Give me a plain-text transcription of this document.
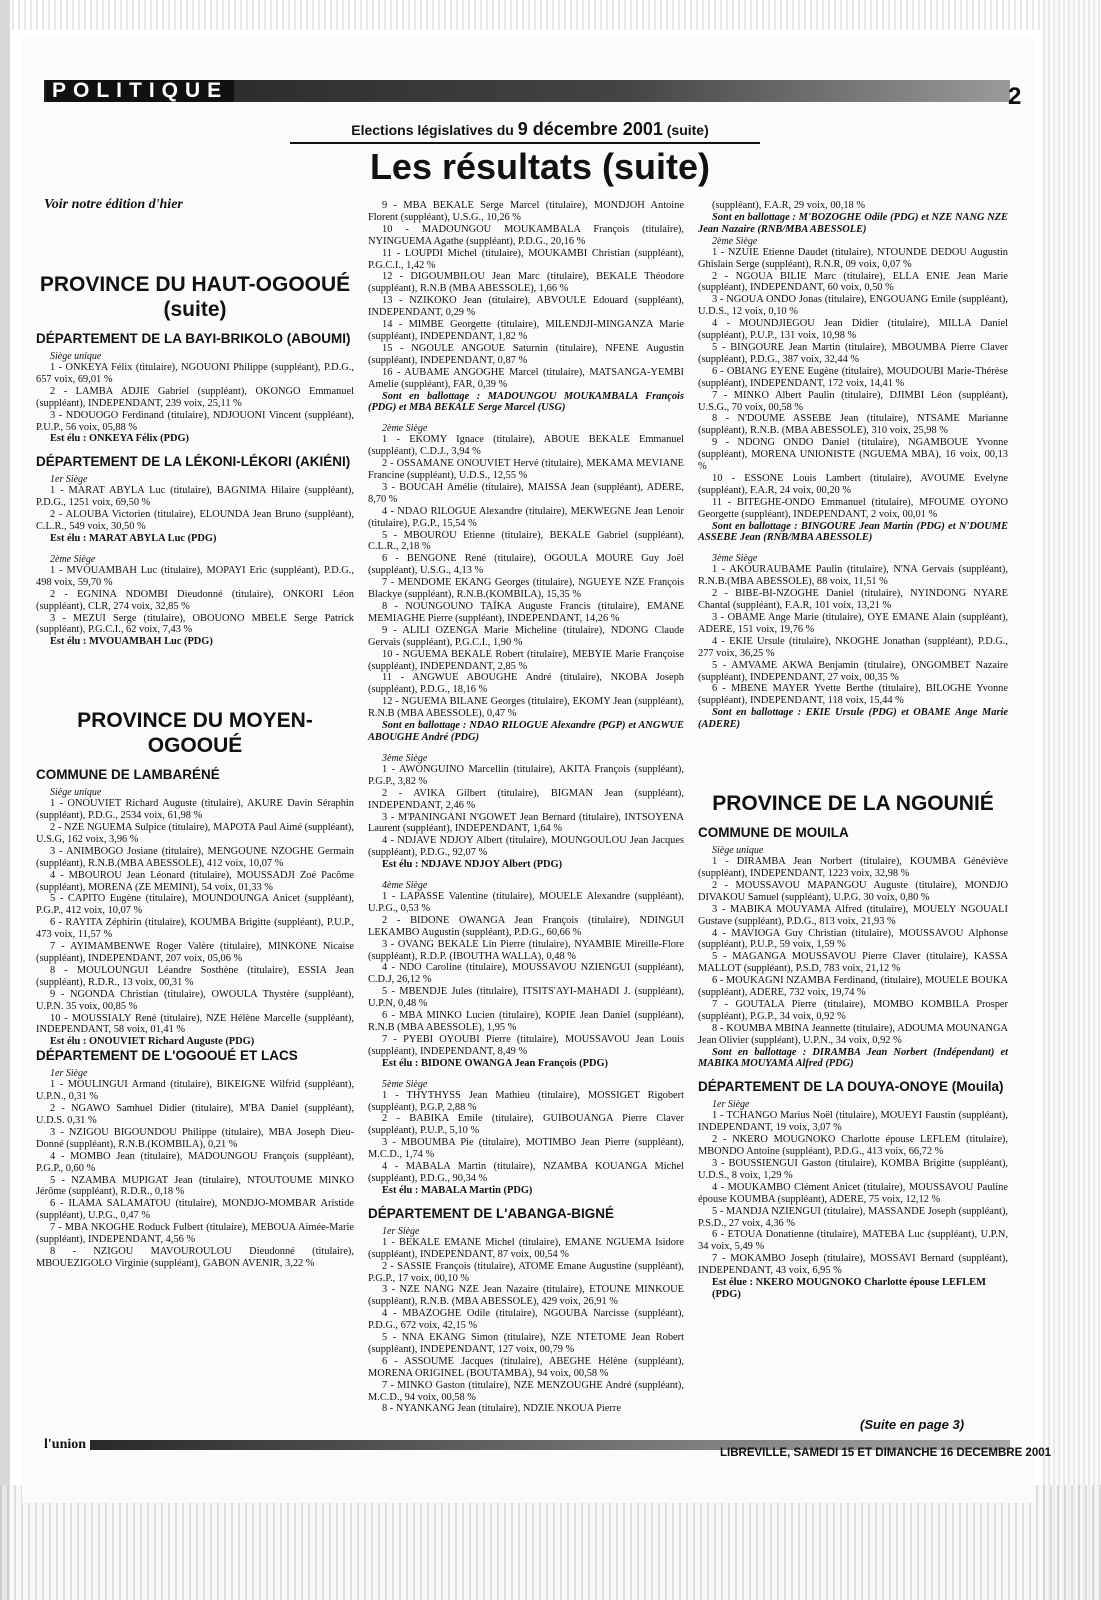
POLITIQUE	2
Elections législatives du 9 décembre 2001 (suite)
Les résultats (suite)
Voir notre édition d'hier
PROVINCE DU HAUT-OGOOUÉ (suite)
DÉPARTEMENT DE LA BAYI-BRIKOLO (ABOUMI)
Siège unique
1 - ONKEYA Félix (titulaire), NGOUONI Philippe (suppléant), P.D.G., 657 voix, 69,01 %
2 - LAMBA ADJIE Gabriel (suppléant), OKONGO Emmanuel (suppléant), INDEPENDANT, 239 voix, 25,11 %
3 - NDOUOGO Ferdinand (titulaire), NDJOUONI Vincent (suppléant), P.U.P., 56 voix, 05,88 %
Est élu : ONKEYA Félix (PDG)
DÉPARTEMENT DE LA LÉKONI-LÉKORI (AKIÉNI)
1er Siège
1 - MARAT ABYLA Luc (titulaire), BAGNIMA Hilaire (suppléant), P.D.G., 1251 voix, 69,50 %
2 - ALOUBA Victorien (titulaire), ELOUNDA Jean Bruno (suppléant), C.L.R., 549 voix, 30,50 %
Est élu : MARAT ABYLA Luc (PDG)
2ème Siège
1 - MVOUAMBAH Luc (titulaire), MOPAYI Eric (suppléant), P.D.G., 498 voix, 59,70 %
2 - EGNINA NDOMBI Dieudonné (titulaire), ONKORI Léon (suppléant), CLR, 274 voix, 32,85 %
3 - MEZUI Serge (titulaire), OBOUONO MBELE Serge Patrick (suppléant), P.G.C.I., 62 voix, 7,43 %
Est élu : MVOUAMBAH Luc (PDG)
PROVINCE DU MOYEN-OGOOUÉ
COMMUNE DE LAMBARÉNÉ
Siège unique
1 - ONOUVIET Richard Auguste (titulaire), AKURE Davin Séraphin (suppléant), P.D.G., 2534 voix, 61,98 %
2 - NZE NGUEMA Sulpice (titulaire), MAPOTA Paul Aimé (suppléant), U.S.G, 162 voix, 3,96 %
3 - ANIMBOGO Josiane (titulaire), MENGOUNE NZOGHE Germain (suppléant), R.N.B.(MBA ABESSOLE), 412 voix, 10,07 %
4 - MBOUROU Jean Léonard (titulaire), MOUSSADJI Zoé Pacôme (suppléant), MORENA (ZE MEMINI), 54 voix, 01,33 %
5 - CAPITO Eugène (titulaire), MOUNDOUNGA Anicet (suppléant), P.G.P., 412 voix, 10,07 %
6 - RAYITA Zéphirin (titulaire), KOUMBA Brigitte (suppléant), P.U.P., 473 voix, 11,57 %
7 - AYIMAMBENWE Roger Valère (titulaire), MINKONE Nicaise (suppléant), INDEPENDANT, 207 voix, 05,06 %
8 - MOULOUNGUI Léandre Sosthène (titulaire), ESSIA Jean (suppléant), R.D.R., 13 voix, 00,31 %
9 - NGONDA Christian (titulaire), OWOULA Thystère (suppléant), U.P.N. 35 voix, 00,85 %
10 - MOUSSIALY René (titulaire), NZE Hélène Marcelle (suppléant), INDEPENDANT, 58 voix, 01,41 %
Est élu : ONOUVIET Richard Auguste (PDG)
DÉPARTEMENT DE L'OGOOUÉ ET LACS
1er Siège
1 - MOULINGUI Armand (titulaire), BIKEIGNE Wilfrid (suppléant), U.P.N., 0,31 %
2 - NGAWO Samhuel Didier (titulaire), M'BA Daniel (suppléant), U.D.S. 0,31 %
3 - NZIGOU BIGOUNDOU Philippe (titulaire), MBA Joseph Dieu-Donné (suppléant), R.N.B.(KOMBILA), 0,21 %
4 - MOMBO Jean (titulaire), MADOUNGOU François (suppléant), P.G.P., 0,60 %
5 - NZAMBA MUPIGAT Jean (titulaire), NTOUTOUME MINKO Jérôme (suppléant), R.D.R., 0,18 %
6 - ILAMA SALAMATOU (titulaire), MONDJO-MOMBAR Aristide (suppléant), U.P.G., 0,47 %
7 - MBA NKOGHE Roduck Fulbert (titulaire), MEBOUA Aimée-Marie (suppléant), INDEPENDANT, 4,56 %
8 - NZIGOU MAVOUROULOU Dieudonné (titulaire), MBOUEZIGOLO Virginie (suppléant), GABON AVENIR, 3,22 %
9 - MBA BEKALE Serge Marcel (titulaire), MONDJOH Antoine Florent (suppléant), U.S.G., 10,26 %
10 - MADOUNGOU MOUKAMBALA François (titulaire), NYINGUEMA Agathe (suppléant), P.D.G., 20,16 %
11 - LOUPDI Michel (titulaire), MOUKAMBI Christian (suppléant), P.G.C.I., 1,42 %
12 - DIGOUMBILOU Jean Marc (titulaire), BEKALE Théodore (suppléant), R.N.B (MBA ABESSOLE), 1,66 %
13 - NZIKOKO Jean (titulaire), ABVOULE Edouard (suppléant), INDEPENDANT, 0,29 %
14 - MIMBE Georgette (titulaire), MILENDJI-MINGANZA Marie (suppléant), INDEPENDANT, 1,82 %
15 - NGOULE ANGOUE Saturnin (titulaire), NFENE Augustin (suppléant), INDEPENDANT, 0,87 %
16 - AUBAME ANGOGHE Marcel (titulaire), MATSANGA-YEMBI Amelie (suppléant), FAR, 0,39 %
Sont en ballottage : MADOUNGOU MOUKAMBALA François (PDG) et MBA BEKALE Serge Marcel (USG)
2ème Siège
1 - EKOMY Ignace (titulaire), ABOUE BEKALE Emmanuel (suppléant), C.D.J., 3,94 %
2 - OSSAMANE ONOUVIET Hervé (titulaire), MEKAMA MEVIANE Francine (suppléant), U.D.S., 12,55 %
3 - BOUCAH Amélie (titulaire), MAISSA Jean (suppléant), ADERE, 8,70 %
4 - NDAO RILOGUE Alexandre (titulaire), MEKWEGNE Jean Lenoir (titulaire), P.G.P., 15,54 %
5 - MBOUROU Etienne (titulaire), BEKALE Gabriel (suppléant), C.L.R., 2,18 %
6 - BENGONE René (titulaire), OGOULA MOURE Guy Joël (suppléant), U.S.G., 4,13 %
7 - MENDOME EKANG Georges (titulaire), NGUEYE NZE François Blackye (suppléant), R.N.B.(KOMBILA), 15,35 %
8 - NOUNGOUNO TAÏKA Auguste Francis (titulaire), EMANE MEMIAGHE Pierre (suppléant), INDEPENDANT, 14,26 %
9 - ALILI OZENGA Marie Micheline (titulaire), NDONG Claude Gervais (suppléant), P.G.C.I., 1,90 %
10 - NGUEMA BEKALE Robert (titulaire), MEBYIE Marie Françoise (suppléant), INDEPENDANT, 2,85 %
11 - ANGWUE ABOUGHE André (titulaire), NKOBA Joseph (suppléant), P.D.G., 18,16 %
12 - NGUEMA BILANE Georges (titulaire), EKOMY Jean (suppléant), R.N.B (MBA ABESSOLE), 0,47 %
Sont en ballottage : NDAO RILOGUE Alexandre (PGP) et ANGWUE ABOUGHE André (PDG)
3ème Siège
1 - AWONGUINO Marcellin (titulaire), AKITA François (suppléant), P.G.P., 3,82 %
2 - AVIKA Gilbert (titulaire), BIGMAN Jean (suppléant), INDEPENDANT, 2,46 %
3 - M'PANINGANI N'GOWET Jean Bernard (titulaire), INTSOYENA Laurent (suppléant), INDEPENDANT, 1,64 %
4 - NDJAVE NDJOY Albert (titulaire), MOUNGOULOU Jean Jacques (suppléant), P.D.G., 92,07 %
Est élu : NDJAVE NDJOY Albert (PDG)
4ème Siège
1 - LAPASSE Valentine (titulaire), MOUELE Alexandre (suppléant), U.P.G., 0,53 %
2 - BIDONE OWANGA Jean François (titulaire), NDINGUI LEKAMBO Augustin (suppléant), P.D.G., 60,66 %
3 - OVANG BEKALE Lin Pierre (titulaire), NYAMBIE Mireille-Flore (suppléant), R.D.P. (IBOUTHA WALLA), 0,48 %
4 - NDO Caroline (titulaire), MOUSSAVOU NZIENGUI (suppléant), C.D.J, 26,12 %
5 - MBENDJE Jules (titulaire), ITSITS'AYI-MAHADI J. (suppléant), U.P.N, 0,48 %
6 - MBA MINKO Lucien (titulaire), KOPIE Jean Daniel (suppléant), R.N.B (MBA ABESSOLE), 1,95 %
7 - PYEBI OYOUBI Pierre (titulaire), MOUSSAVOU Jean Louis (suppléant), INDEPENDANT, 8,49 %
Est élu : BIDONE OWANGA Jean François (PDG)
5ème Siège
1 - THYTHYSS Jean Mathieu (titulaire), MOSSIGET Rigobert (suppléant), P.G.P, 2,88 %
2 - BABIKA Emile (titulaire), GUIBOUANGA Pierre Claver (suppléant), P.U.P., 5,10 %
3 - MBOUMBA Pie (titulaire), MOTIMBO Jean Pierre (suppléant), M.C.D., 1,74 %
4 - MABALA Martin (titulaire), NZAMBA KOUANGA Michel (suppléant), P.D.G., 90,34 %
Est élu : MABALA Martin (PDG)
DÉPARTEMENT DE L'ABANGA-BIGNÉ
1er Siège
1 - BEKALE EMANE Michel (titulaire), EMANE NGUEMA Isidore (suppléant), INDEPENDANT, 87 voix, 00,54 %
2 - SASSIE François (titulaire), ATOME Emane Augustine (suppléant), P.G.P., 17 voix, 00,10 %
3 - NZE NANG NZE Jean Nazaire (titulaire), ETOUNE MINKOUE (suppléant), R.N.B. (MBA ABESSOLE), 429 voix, 26,91 %
4 - MBAZOGHE Odile (titulaire), NGOUBA Narcisse (suppléant), P.D.G., 672 voix, 42,15 %
5 - NNA EKANG Simon (titulaire), NZE NTETOME Jean Robert (suppléant), INDEPENDANT, 127 voix, 00,79 %
6 - ASSOUME Jacques (titulaire), ABEGHE Hélène (suppléant), MORENA ORIGINEL (BOUTAMBA), 94 voix, 00,58 %
7 - MINKO Gaston (titulaire), NZE MENZOUGHE André (suppléant), M.C.D., 94 voix, 00,58 %
8 - NYANKANG Jean (titulaire), NDZIE NKOUA Pierre
(suppléant), F.A.R, 29 voix, 00,18 %
Sont en ballottage : M'BOZOGHE Odile (PDG) et NZE NANG NZE Jean Nazaire (RNB/MBA ABESSOLE)
2ème Siège
1 - NZUIE Etienne Daudet (titulaire), NTOUNDE DEDOU Augustin Ghislain Serge (suppléant), R.N.R, 09 voix, 0,07 %
2 - NGOUA BILIE Marc (titulaire), ELLA ENIE Jean Marie (suppléant), INDEPENDANT, 60 voix, 0,50 %
3 - NGOUA ONDO Jonas (titulaire), ENGOUANG Emile (suppléant), U.D.S., 12 voix, 0,10 %
4 - MOUNDJIEGOU Jean Didier (titulaire), MILLA Daniel (suppléant), P.U.P., 131 voix, 10,98 %
5 - BINGOURE Jean Martin (titulaire), MBOUMBA Pierre Claver (suppléant), P.D.G., 387 voix, 32,44 %
6 - OBIANG EYENE Eugène (titulaire), MOUDOUBI Marie-Thérèse (suppléant), INDEPENDANT, 172 voix, 14,41 %
7 - MINKO Albert Paulin (titulaire), DJIMBI Léon (suppléant), U.S.G., 70 voix, 00,58 %
8 - N'DOUME ASSEBE Jean (titulaire), NTSAME Marianne (suppléant), R.N.B. (MBA ABESSOLE), 310 voix, 25,98 %
9 - NDONG ONDO Daniel (titulaire), NGAMBOUE Yvonne (suppléant), MORENA UNIONISTE (NGUEMA MBA), 16 voix, 00,13 %
10 - ESSONE Louis Lambert (titulaire), AVOUME Evelyne (suppléant), F.A.R, 24 voix, 00,20 %
11 - BITEGHE-ONDO Emmanuel (titulaire), MFOUME OYONO Georgette (suppléant), INDEPENDANT, 2 voix, 00,01 %
Sont en ballottage : BINGOURE Jean Martin (PDG) et N'DOUME ASSEBE Jean (RNB/MBA ABESSOLE)
3ème Siège
1 - AKOURAUBAME Paulin (titulaire), N'NA Gervais (suppléant), R.N.B.(MBA ABESSOLE), 88 voix, 11,51 %
2 - BIBE-BI-NZOGHE Daniel (titulaire), NYINDONG NYARE Chantal (suppléant), F.A.R, 101 voix, 13,21 %
3 - OBAME Ange Marie (titulaire), OYE EMANE Alain (suppléant), ADERE, 151 voix, 19,76 %
4 - EKIE Ursule (titulaire), NKOGHE Jonathan (suppléant), P.D.G., 277 voix, 36,25 %
5 - AMVAME AKWA Benjamin (titulaire), ONGOMBET Nazaire (suppléant), INDEPENDANT, 27 voix, 00,35 %
6 - MBENE MAYER Yvette Berthe (titulaire), BILOGHE Yvonne (suppléant), INDEPENDANT, 118 voix, 15,44 %
Sont en ballottage : EKIE Ursule (PDG) et OBAME Ange Marie (ADERE)
PROVINCE DE LA NGOUNIÉ
COMMUNE DE MOUILA
Siège unique
1 - DIRAMBA Jean Norbert (titulaire), KOUMBA Généviève (suppléant), INDEPENDANT, 1223 voix, 32,98 %
2 - MOUSSAVOU MAPANGOU Auguste (titulaire), MONDJO DIVAKOU Samuel (suppléant), U.P.G. 30 voix, 0,80 %
3 - MABIKA MOUYAMA Alfred (titulaire), MOUELY NGOUALI Gustave (suppléant), P.D.G., 813 voix, 21,93 %
4 - MAVIOGA Guy Christian (titulaire), MOUSSAVOU Alphonse (suppléant), P.U.P., 59 voix, 1,59 %
5 - MAGANGA MOUSSAVOU Pierre Claver (titulaire), KASSA MALLOT (suppléant), P.S.D, 783 voix, 21,12 %
6 - MOUKAGNI NZAMBA Ferdinand, (titulaire), MOUELE BOUKA (suppléant), ADERE, 732 voix, 19,74 %
7 - GOUTALA Pierre (titulaire), MOMBO KOMBILA Prosper (suppléant), P.G.P., 34 voix, 0,92 %
8 - KOUMBA MBINA Jeannette (titulaire), ADOUMA MOUNANGA Jean Olivier (suppléant), U.P.N., 34 voix, 0,92 %
Sont en ballottage : DIRAMBA Jean Norbert (Indépendant) et MABIKA MOUYAMA Alfred (PDG)
DÉPARTEMENT DE LA DOUYA-ONOYE (Mouila)
1er Siège
1 - TCHANGO Marius Noël (titulaire), MOUEYI Faustin (suppléant), INDEPENDANT, 19 voix, 3,07 %
2 - NKERO MOUGNOKO Charlotte épouse LEFLEM (titulaire), MBONDO Antoine (suppléant), P.D.G., 413 voix, 66,72 %
3 - BOUSSIENGUI Gaston (titulaire), KOMBA Brigitte (suppléant), U.D.S., 8 voix, 1,29 %
4 - MOUKAMBO Clément Anicet (titulaire), MOUSSAVOU Pauline épouse KOUMBA (suppléant), ADERE, 75 voix, 12,12 %
5 - MANDJA NZIENGUI (titulaire), MASSANDE Joseph (suppléant), P.S.D., 27 voix, 4,36 %
6 - ETOUA Donatienne (titulaire), MATEBA Luc (suppléant), U.P.N, 34 voix, 5,49 %
7 - MOKAMBO Joseph (titulaire), MOSSAVI Bernard (suppléant), INDEPENDANT, 43 voix, 6,95 %
Est élue : NKERO MOUGNOKO Charlotte épouse LEFLEM (PDG)
(Suite en page 3)
l'union
LIBREVILLE, SAMEDI 15 ET DIMANCHE 16 DECEMBRE 2001
